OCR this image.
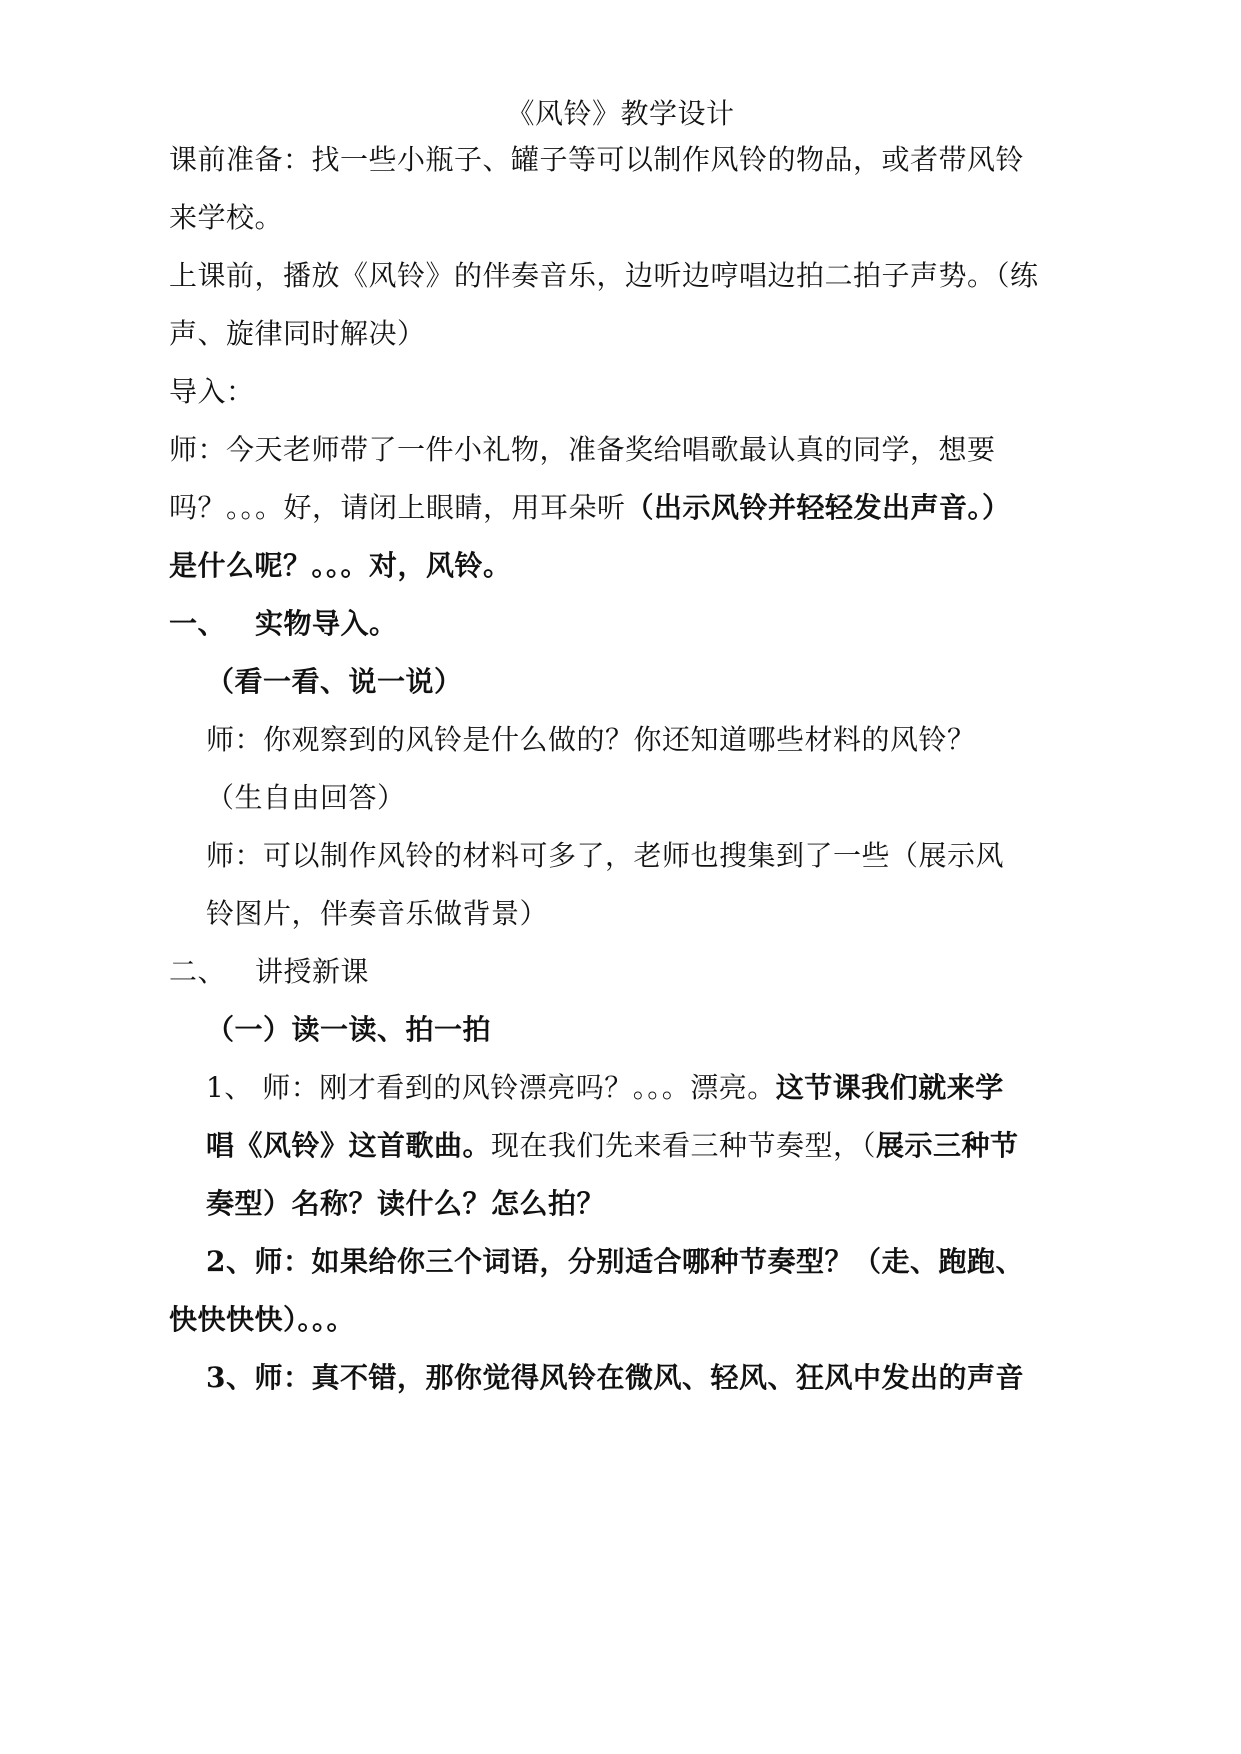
《风铃》教学设计
课前准备：找一些小瓶子、罐子等可以制作风铃的物品，或者带风铃
来学校。
上课前，播放《风铃》的伴奏音乐，边听边哼唱边拍二拍子声势。（练
声、旋律同时解决）
导入：
师：今天老师带了一件小礼物，准备奖给唱歌最认真的同学，想要
吗？。。。好，请闭上眼睛，用耳朵听（出示风铃并轻轻发出声音。）
是什么呢？。。。对，风铃。
一、 实物导入。
（看一看、说一说）
师：你观察到的风铃是什么做的？你还知道哪些材料的风铃？
（生自由回答）
师：可以制作风铃的材料可多了，老师也搜集到了一些（展示风
铃图片，伴奏音乐做背景）
二、 讲授新课
（一）读一读、拍一拍
1、 师：刚才看到的风铃漂亮吗？。。。漂亮。这节课我们就来学
唱《风铃》这首歌曲。现在我们先来看三种节奏型，（展示三种节
奏型）名称？读什么？怎么拍？
2、师：如果给你三个词语，分别适合哪种节奏型？（走、跑跑、
快快快快）。。。
3、师：真不错，那你觉得风铃在微风、轻风、狂风中发出的声音
